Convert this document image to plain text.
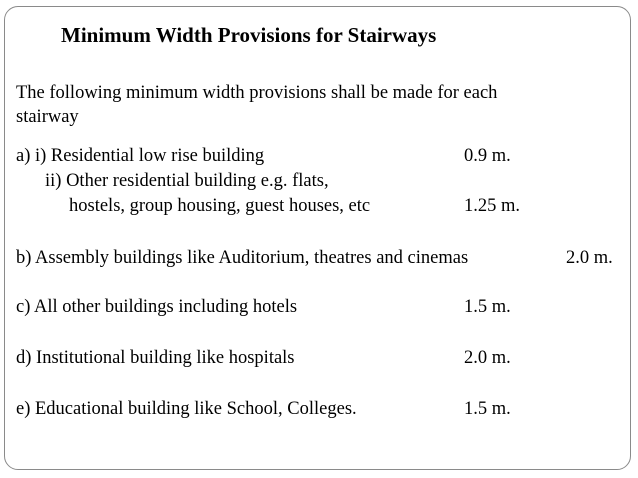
Minimum Width Provisions for Stairways
The following minimum width provisions shall be made for each
stairway
a) i) Residential low rise building	0.9 m.
ii) Other residential building e.g. flats,
hostels, group housing, guest houses, etc	1.25 m.
b) Assembly buildings like Auditorium, theatres and cinemas	2.0 m.
c) All other buildings including hotels	1.5 m.
d) Institutional building like hospitals	2.0 m.
e) Educational building like School, Colleges.	1.5 m.
